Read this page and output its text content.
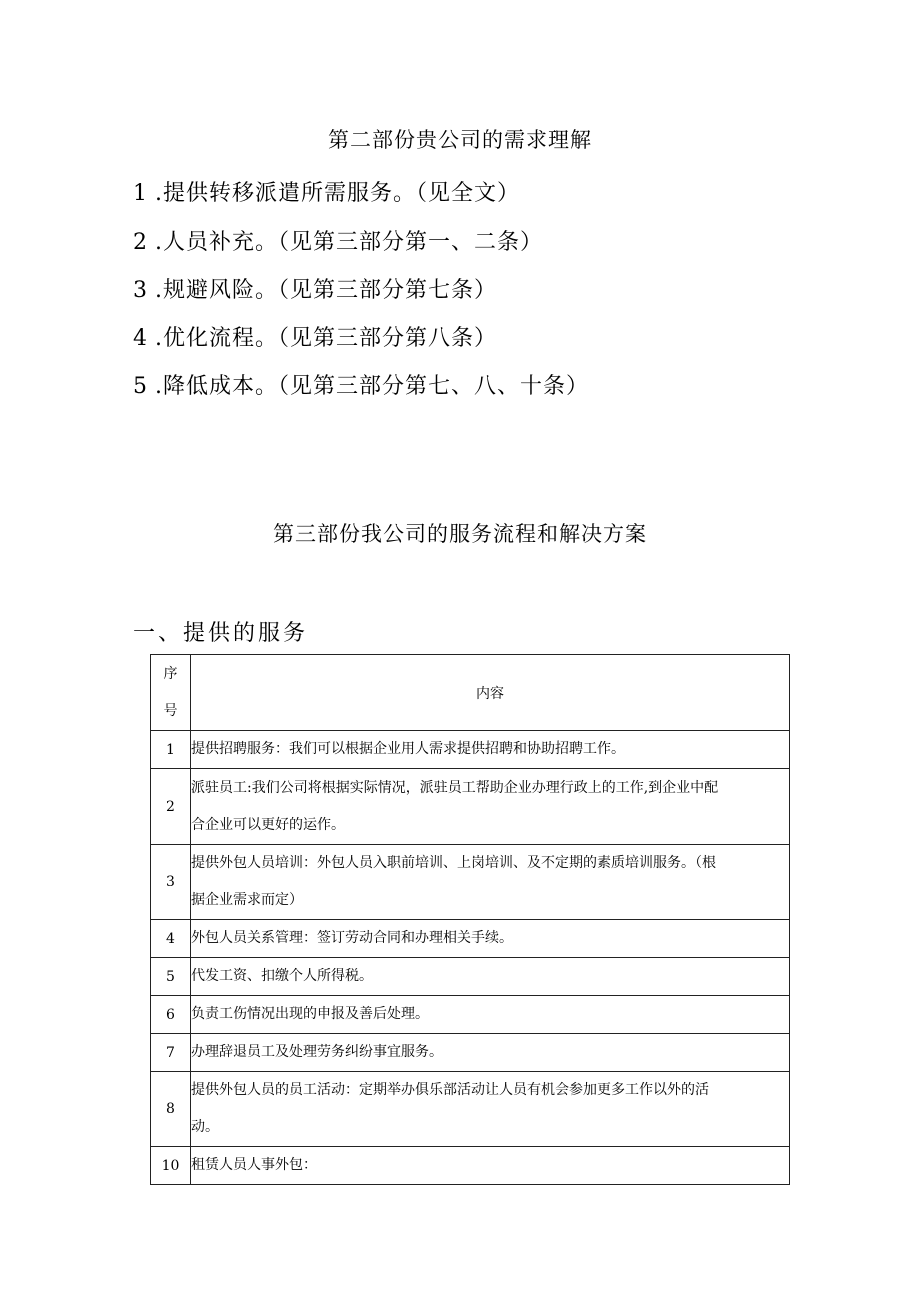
第二部份贵公司的需求理解
1 .提供转移派遣所需服务。（见全文）
2 .人员补充。（见第三部分第一、二条）
3 .规避风险。（见第三部分第七条）
4 .优化流程。（见第三部分第八条）
5 .降低成本。（见第三部分第七、八、十条）
第三部份我公司的服务流程和解决方案
一、提供的服务
序
号	内容
1	提供招聘服务：我们可以根据企业用人需求提供招聘和协助招聘工作。
2	派驻员工:我们公司将根据实际情况，派驻员工帮助企业办理行政上的工作,到企业中配
合企业可以更好的运作。

3	提供外包人员培训：外包人员入职前培训、上岗培训、及不定期的素质培训服务。（根
据企业需求而定）

4	外包人员关系管理：签订劳动合同和办理相关手续。
5	代发工资、扣缴个人所得税。
6	负责工伤情况出现的申报及善后处理。
7	办理辞退员工及处理劳务纠纷事宜服务。
8	提供外包人员的员工活动：定期举办俱乐部活动让人员有机会参加更多工作以外的活
动。

10	租赁人员人事外包：
